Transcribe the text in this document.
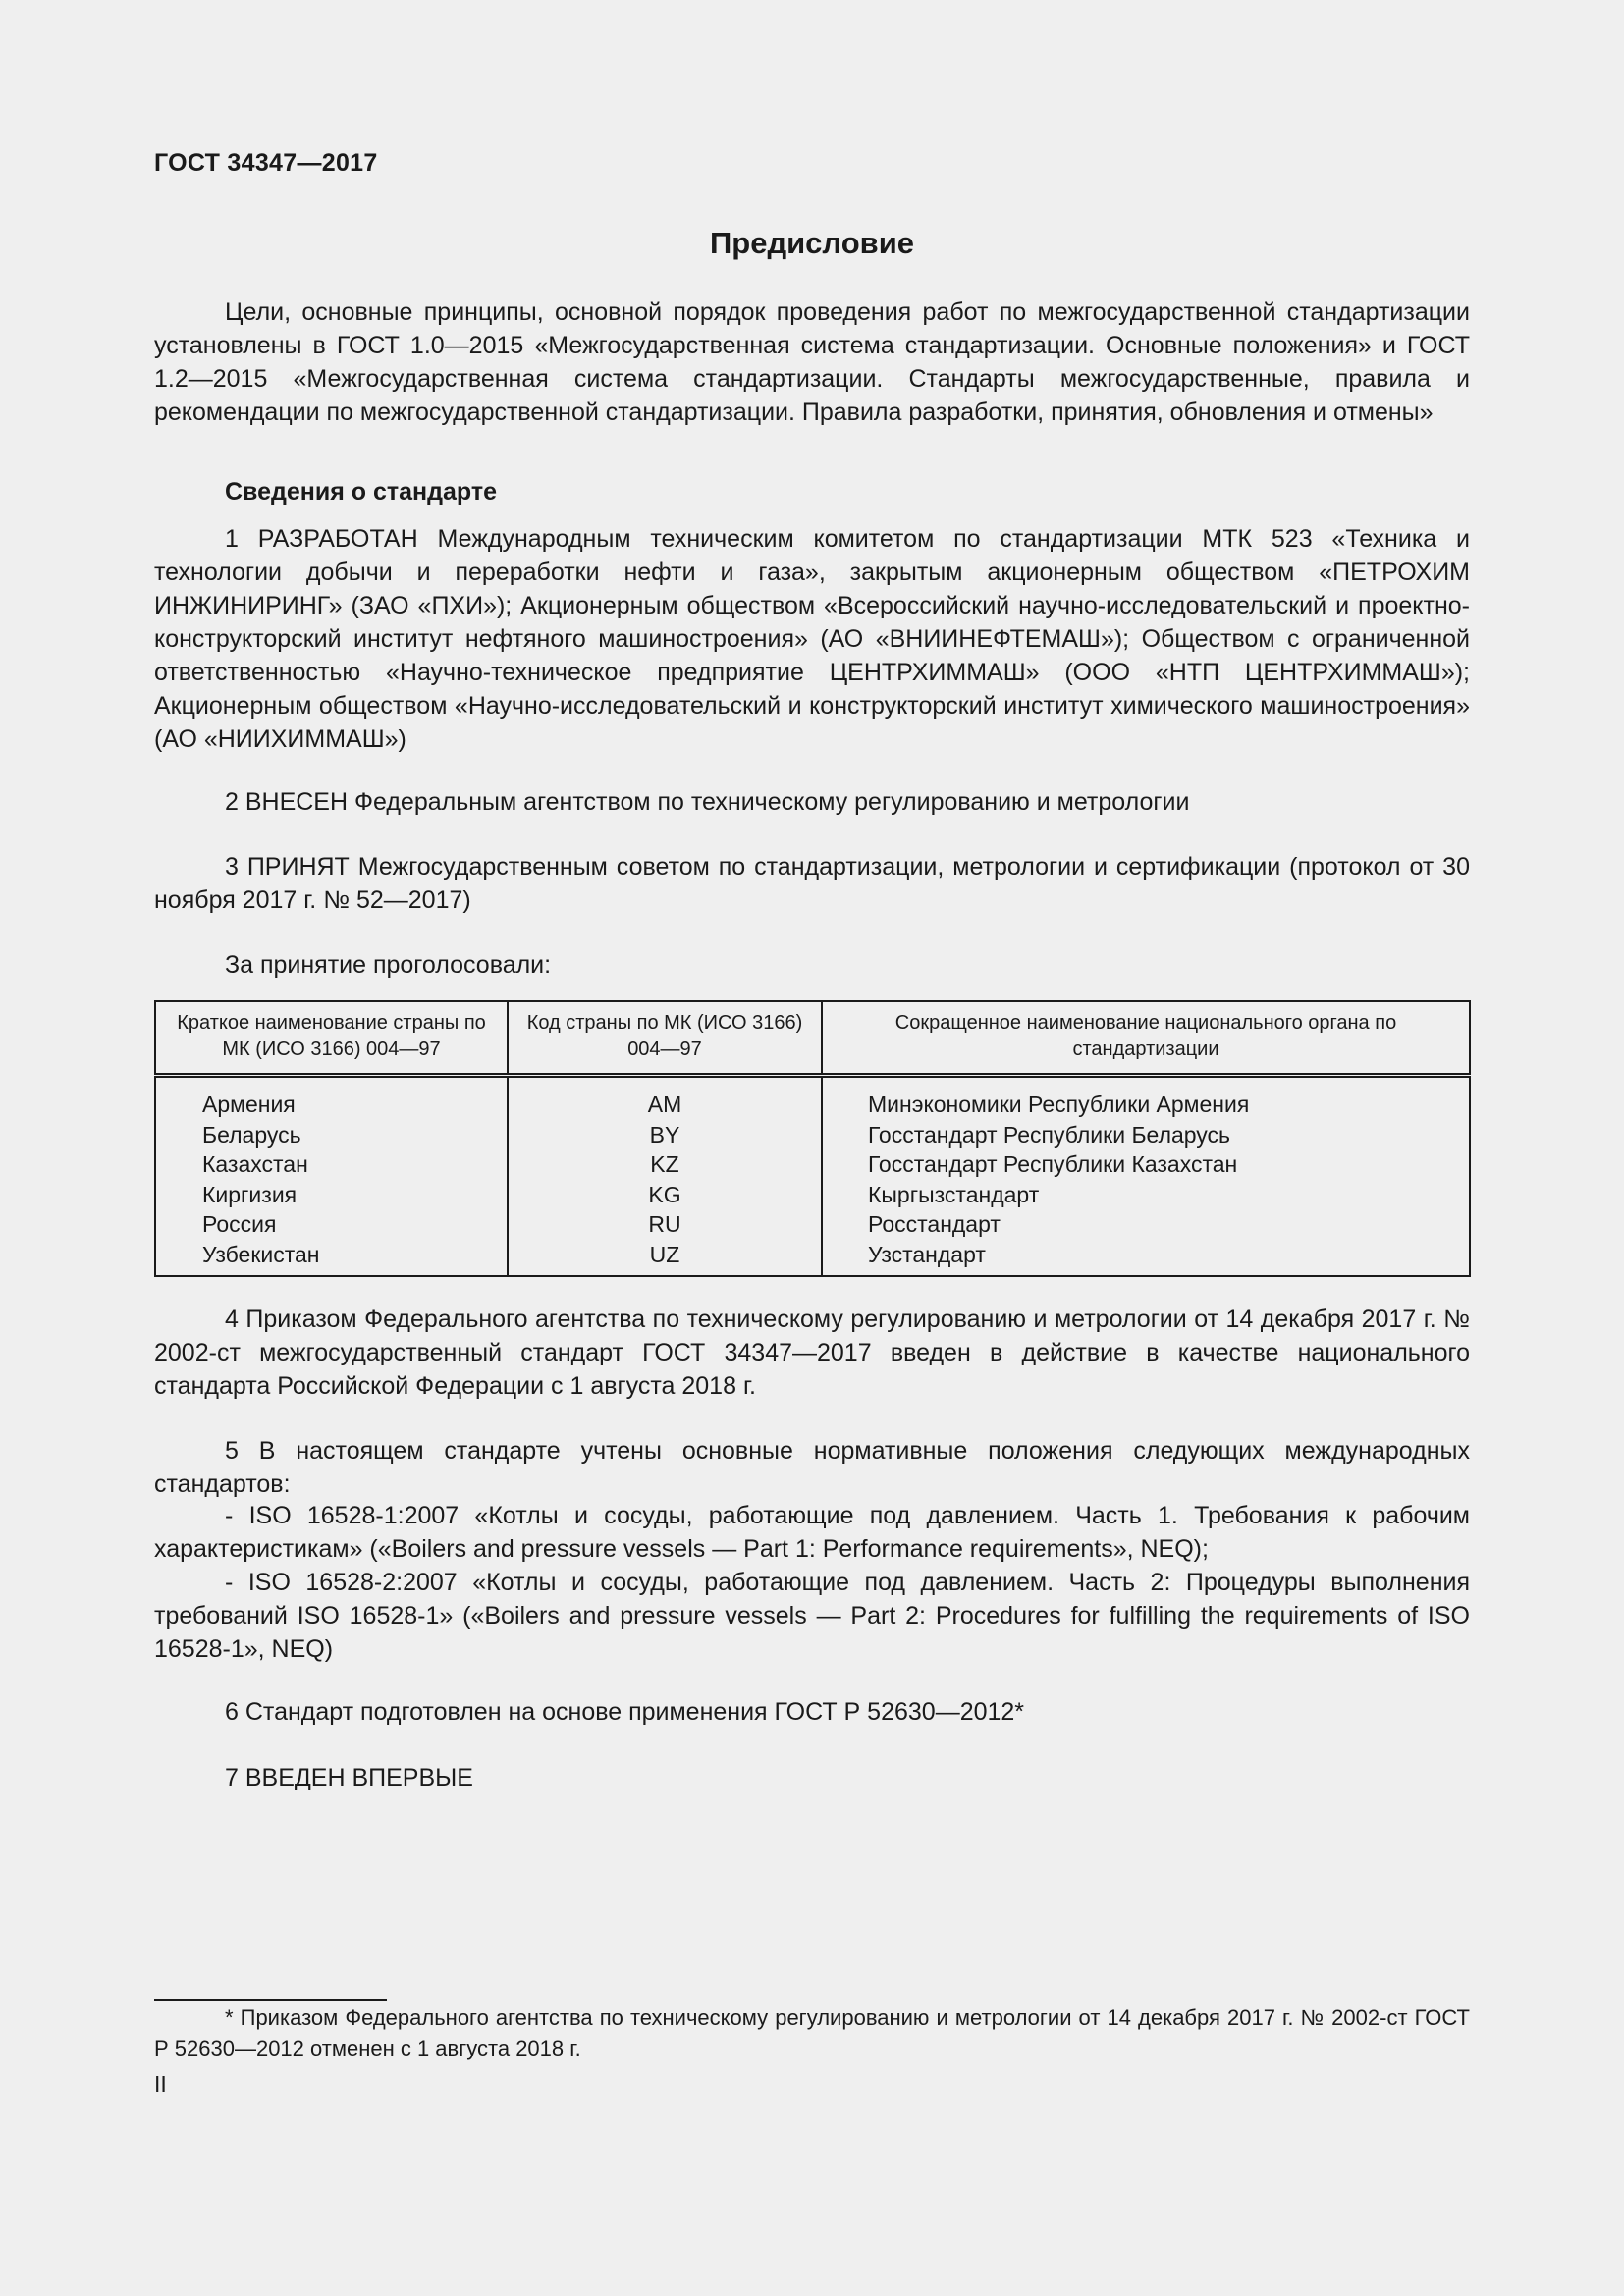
ГОСТ 34347—2017
Предисловие
Цели, основные принципы, основной порядок проведения работ по межгосударственной стандартизации установлены в ГОСТ 1.0—2015 «Межгосударственная система стандартизации. Основные положения» и ГОСТ 1.2—2015 «Межгосударственная система стандартизации. Стандарты межгосударственные, правила и рекомендации по межгосударственной стандартизации. Правила разработки, принятия, обновления и отмены»
Сведения о стандарте
1 РАЗРАБОТАН Международным техническим комитетом по стандартизации МТК 523 «Техника и технологии добычи и переработки нефти и газа», закрытым акционерным обществом «ПЕТРОХИМ ИНЖИНИРИНГ» (ЗАО «ПХИ»); Акционерным обществом «Всероссийский научно-исследовательский и проектно-конструкторский институт нефтяного машиностроения» (АО «ВНИИНЕФТЕМАШ»); Обществом с ограниченной ответственностью «Научно-техническое предприятие ЦЕНТРХИММАШ» (ООО «НТП ЦЕНТРХИММАШ»); Акционерным обществом «Научно-исследовательский и конструкторский институт химического машиностроения» (АО «НИИХИММАШ»)
2 ВНЕСЕН Федеральным агентством по техническому регулированию и метрологии
3 ПРИНЯТ Межгосударственным советом по стандартизации, метрологии и сертификации (протокол от 30 ноября 2017 г. № 52—2017)
За принятие проголосовали:
Краткое наименование страны по МК (ИСО 3166) 004—97	Код страны по МК (ИСО 3166) 004—97	Сокращенное наименование национального органа по стандартизации
Армения	AM	Минэкономики Республики Армения
Беларусь	BY	Госстандарт Республики Беларусь
Казахстан	KZ	Госстандарт Республики Казахстан
Киргизия	KG	Кыргызстандарт
Россия	RU	Росстандарт
Узбекистан	UZ	Узстандарт
4 Приказом Федерального агентства по техническому регулированию и метрологии от 14 декабря 2017 г. № 2002-ст межгосударственный стандарт ГОСТ 34347—2017 введен в действие в качестве национального стандарта Российской Федерации с 1 августа 2018 г.
5 В настоящем стандарте учтены основные нормативные положения следующих международных стандартов:
- ISO 16528-1:2007 «Котлы и сосуды, работающие под давлением. Часть 1. Требования к рабочим характеристикам» («Boilers and pressure vessels — Part 1: Performance requirements», NEQ);
- ISO 16528-2:2007 «Котлы и сосуды, работающие под давлением. Часть 2: Процедуры выполнения требований ISO 16528-1» («Boilers and pressure vessels — Part 2: Procedures for fulfilling the requirements of ISO 16528-1», NEQ)
6 Стандарт подготовлен на основе применения ГОСТ Р 52630—2012*
7 ВВЕДЕН ВПЕРВЫЕ
* Приказом Федерального агентства по техническому регулированию и метрологии от 14 декабря 2017 г. № 2002-ст ГОСТ Р 52630—2012 отменен с 1 августа 2018 г.
II
